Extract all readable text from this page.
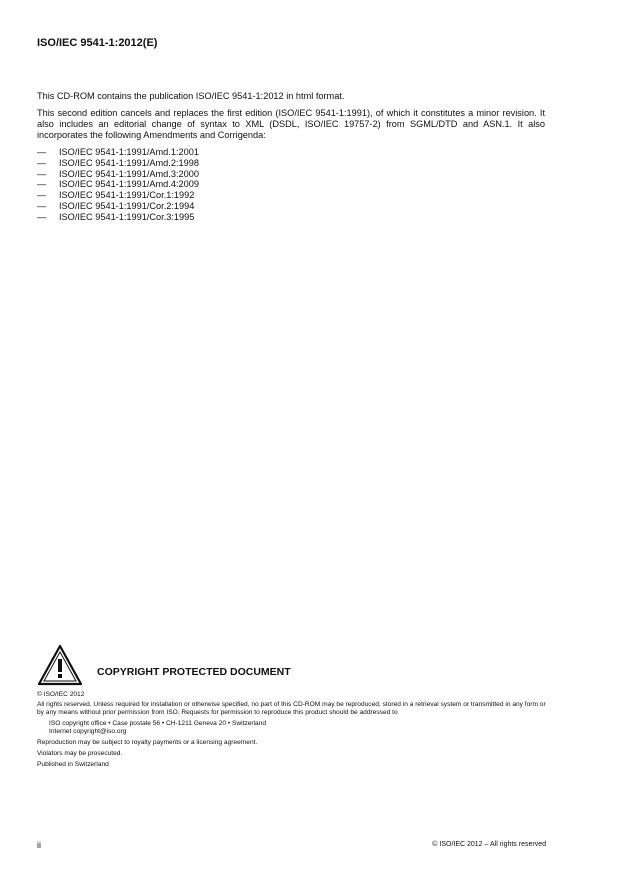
ISO/IEC 9541-1:2012(E)

This CD-ROM contains the publication ISO/IEC 9541-1:2012 in html format.

This second edition cancels and replaces the first edition (ISO/IEC 9541-1:1991), of which it constitutes a minor revision. It also includes an editorial change of syntax to XML (DSDL, ISO/IEC 19757-2) from SGML/DTD and ASN.1. It also incorporates the following Amendments and Corrigenda:

—	ISO/IEC 9541-1:1991/Amd.1:2001
—	ISO/IEC 9541-1:1991/Amd.2:1998
—	ISO/IEC 9541-1:1991/Amd.3:2000
—	ISO/IEC 9541-1:1991/Amd.4:2009
—	ISO/IEC 9541-1:1991/Cor.1:1992
—	ISO/IEC 9541-1:1991/Cor.2:1994
—	ISO/IEC 9541-1:1991/Cor.3:1995
COPYRIGHT PROTECTED DOCUMENT

© ISO/IEC 2012

All rights reserved. Unless required for installation or otherwise specified, no part of this CD-ROM may be reproduced, stored in a retrieval system or transmitted in any form or by any means without prior permission from ISO. Requests for permission to reproduce this product should be addressed to

ISO copyright office • Case postale 56 • CH-1211 Geneva 20 • Switzerland

Internet copyright@iso.org

Reproduction may be subject to royalty payments or a licensing agreement.

Violators may be prosecuted.

Published in Switzerland

ii	© ISO/IEC 2012 – All rights reserved
